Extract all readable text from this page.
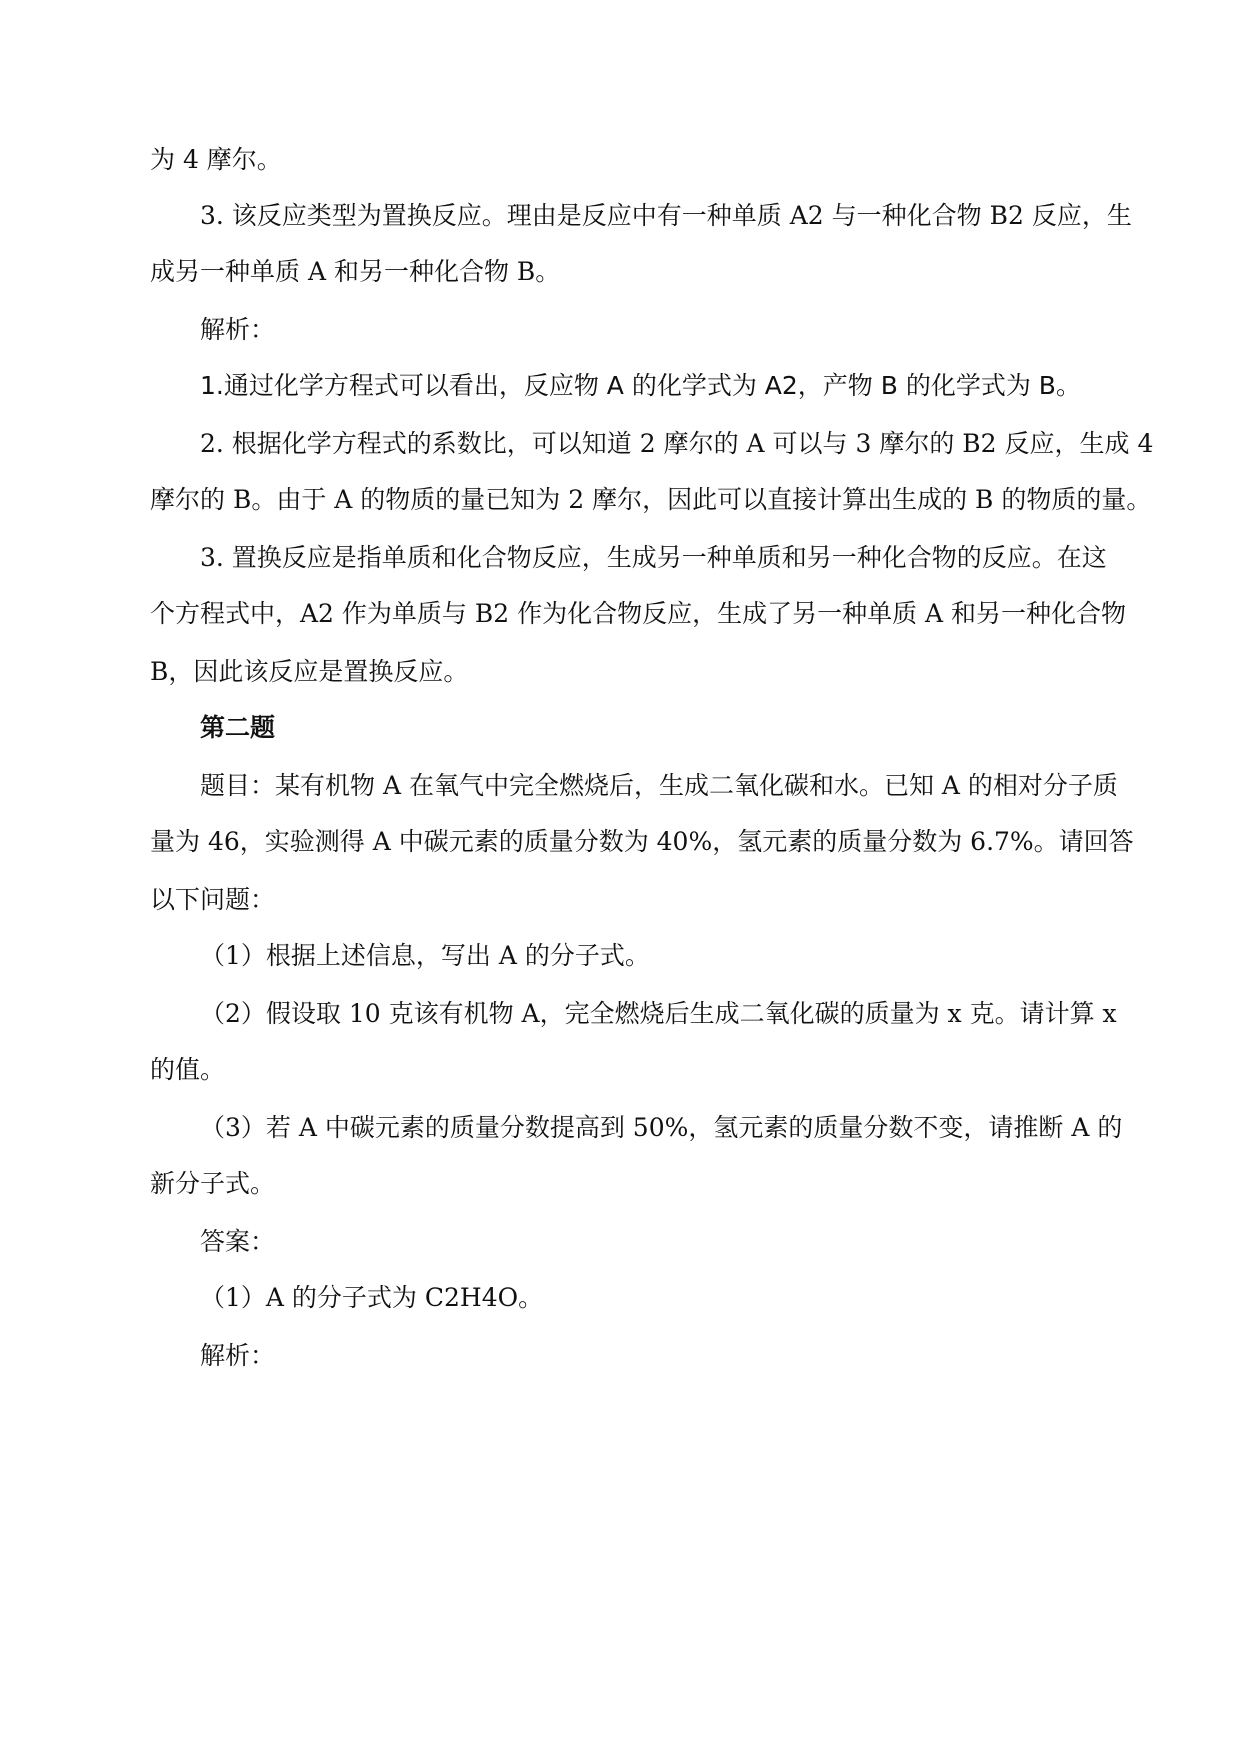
为 4 摩尔。

3. 该反应类型为置换反应。理由是反应中有一种单质 A2 与一种化合物 B2 反应，生

成另一种单质 A 和另一种化合物 B。

解析：

1.通过化学方程式可以看出，反应物 A 的化学式为 A2，产物 B 的化学式为 B。

2. 根据化学方程式的系数比，可以知道 2 摩尔的 A 可以与 3 摩尔的 B2 反应，生成 4

摩尔的 B。由于 A 的物质的量已知为 2 摩尔，因此可以直接计算出生成的 B 的物质的量。

3. 置换反应是指单质和化合物反应，生成另一种单质和另一种化合物的反应。在这

个方程式中，A2 作为单质与 B2 作为化合物反应，生成了另一种单质 A 和另一种化合物

B，因此该反应是置换反应。

第二题

题目：某有机物 A 在氧气中完全燃烧后，生成二氧化碳和水。已知 A 的相对分子质

量为 46，实验测得 A 中碳元素的质量分数为 40%，氢元素的质量分数为 6.7%。请回答

以下问题：

（1）根据上述信息，写出 A 的分子式。

（2）假设取 10 克该有机物 A，完全燃烧后生成二氧化碳的质量为 x 克。请计算 x

的值。

（3）若 A 中碳元素的质量分数提高到 50%，氢元素的质量分数不变，请推断 A 的

新分子式。

答案：

（1）A 的分子式为 C2H4O。

解析：
